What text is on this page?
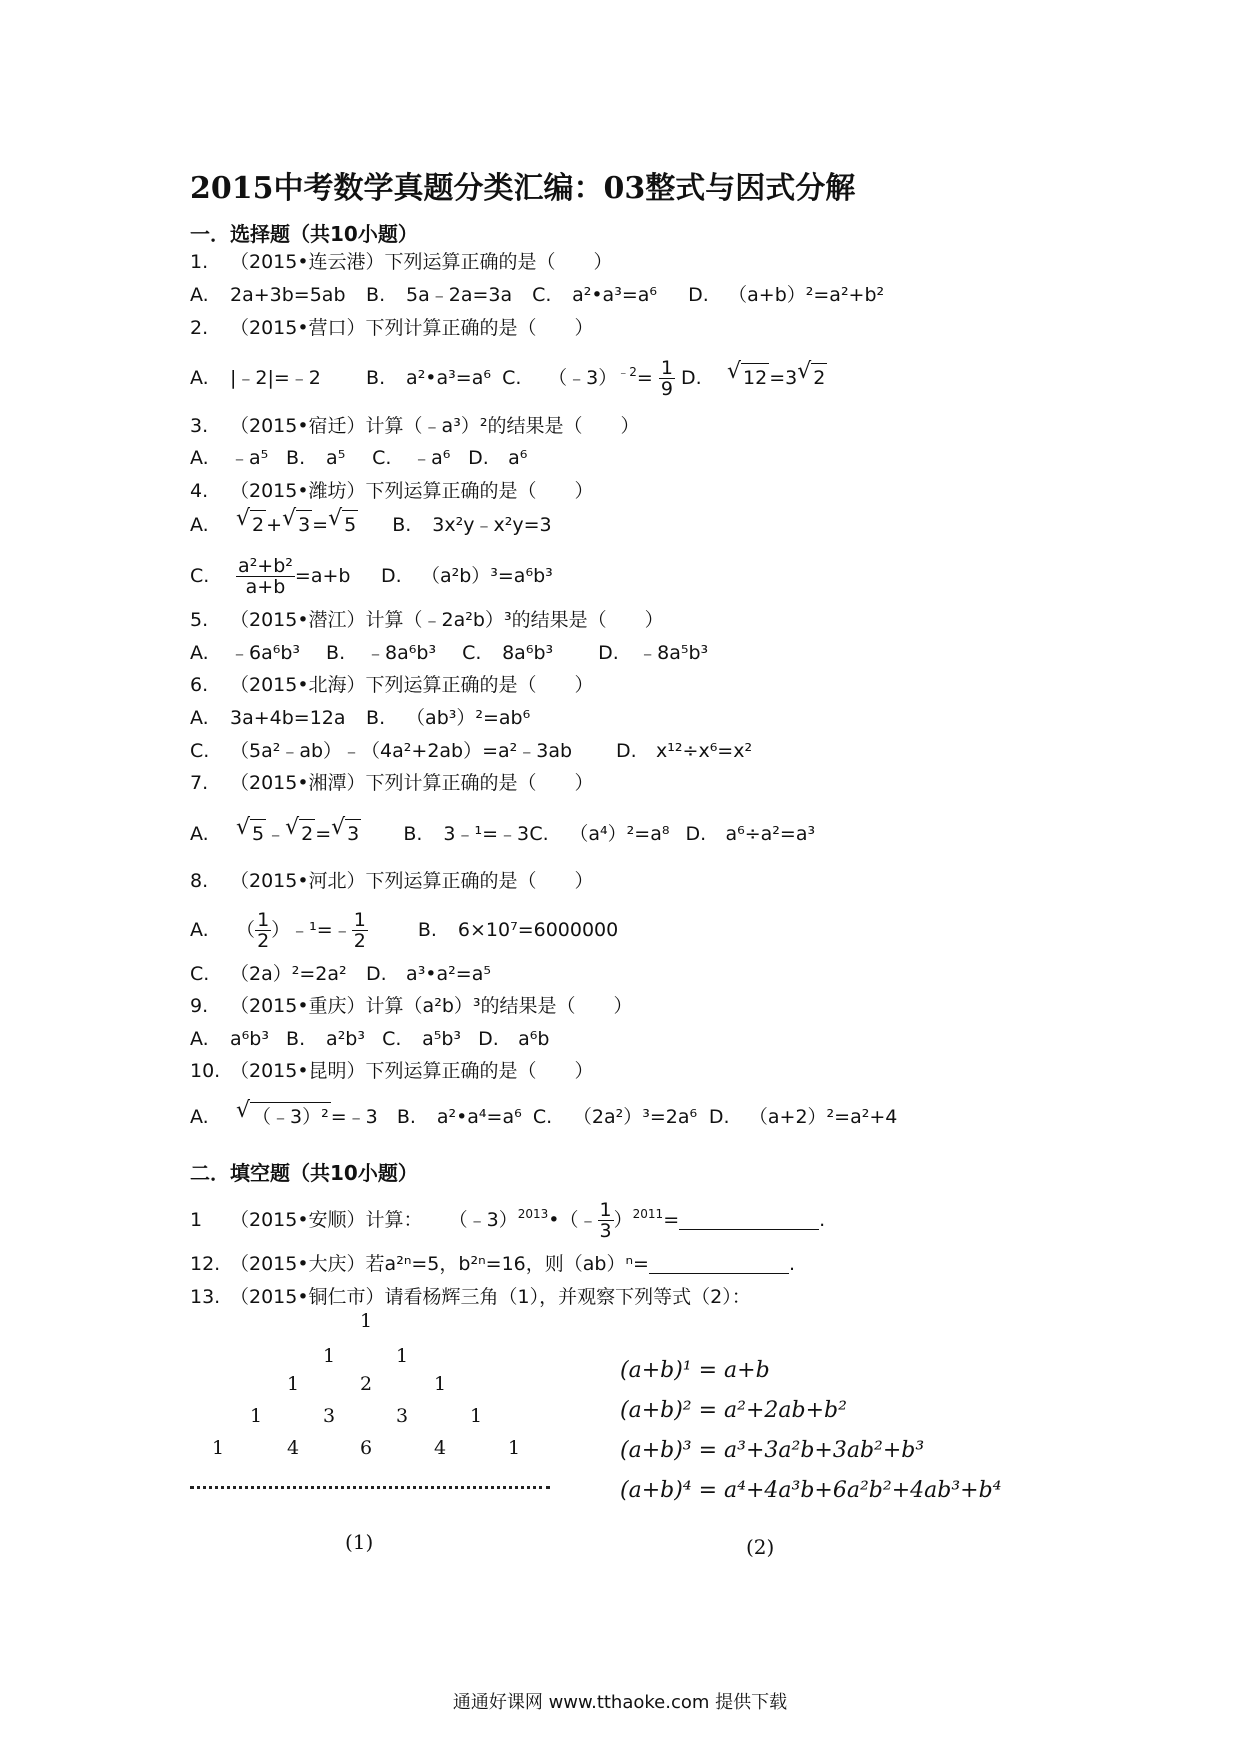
2015中考数学真题分类汇编：03整式与因式分解
一．选择题（共10小题）
1. （2015•连云港）下列运算正确的是（　　）
A. 2a+3b=5ab B. 5a﹣2a=3a C. a²•a³=a⁶ D. （a+b）²=a²+b²
2. （2015•营口）下列计算正确的是（　　）
A. |﹣2|=﹣2 B. a²•a³=a⁶ C. （﹣3）$^{﹣2}$= $\frac{1}{9} D$. √ 12 =3 √ 2
3. （2015•宿迁）计算（﹣a³）²的结果是（　　）
A. ﹣a⁵ B. a⁵ C. ﹣a⁶ D. a⁶
4. （2015•潍坊）下列运算正确的是（　　）
A. √ 2 + √ 3 = √ 5 B. 3x²y﹣x²y=3
C. $\frac{\text{a²+b²}}{a+b} =a+b$ D. （a²b）³=a⁶b³
5. （2015•潜江）计算（﹣2a²b）³的结果是（　　）
A. ﹣6a⁶b³ B. ﹣8a⁶b³ C. 8a⁶b³ D. ﹣8a⁵b³
6. （2015•北海）下列运算正确的是（　　）
A. 3a+4b=12a B. （ab³）²=ab⁶
C. （5a²﹣ab）﹣（4a²+2ab）=a²﹣3ab D. x¹²÷x⁶=x²
7. （2015•湘潭）下列计算正确的是（　　）
A. √ 5 ﹣ √ 2 = √ 3 B. 3﹣¹=﹣3 C. （a⁴）²=a⁸ D. a⁶÷a²=a³
8. （2015•河北）下列运算正确的是（　　）
A. （ $\frac{1}{2}$ ）﹣¹=﹣ $\frac{1}{2}$	B. 6×10⁷=6000000
C. （2a）²=2a² D. a³•a²=a⁵
9. （2015•重庆）计算（a²b）³的结果是（　　）
A. a⁶b³ B. a²b³ C. a⁵b³ D. a⁶b
10. （2015•昆明）下列运算正确的是（　　）
A. √ （﹣3）² =﹣3 B. a²•a⁴=a⁶ C. （2a²）³=2a⁶ D. （a+2）²=a²+4
二．填空题（共10小题）
1 （2015•安顺）计算： （﹣3）$^{2013}$•（﹣ $\frac{1}{3} )^{2011}=$	.
12. （2015•大庆）若a²ⁿ=5，b²ⁿ=16，则（ab）ⁿ=	.
13. （2015•铜仁市）请看杨辉三角（1），并观察下列等式（2）：
1
1	1
1	2	1
1	3	3	1
1	4	6	4	1
(1)
(a+b)¹ = a+b
(a+b)² = a²+2ab+b²
(a+b)³ = a³+3a²b+3ab²+b³
(a+b)⁴ = a⁴+4a³b+6a²b²+4ab³+b⁴
(2)
通通好课网 www.tthaoke.com 提供下载
